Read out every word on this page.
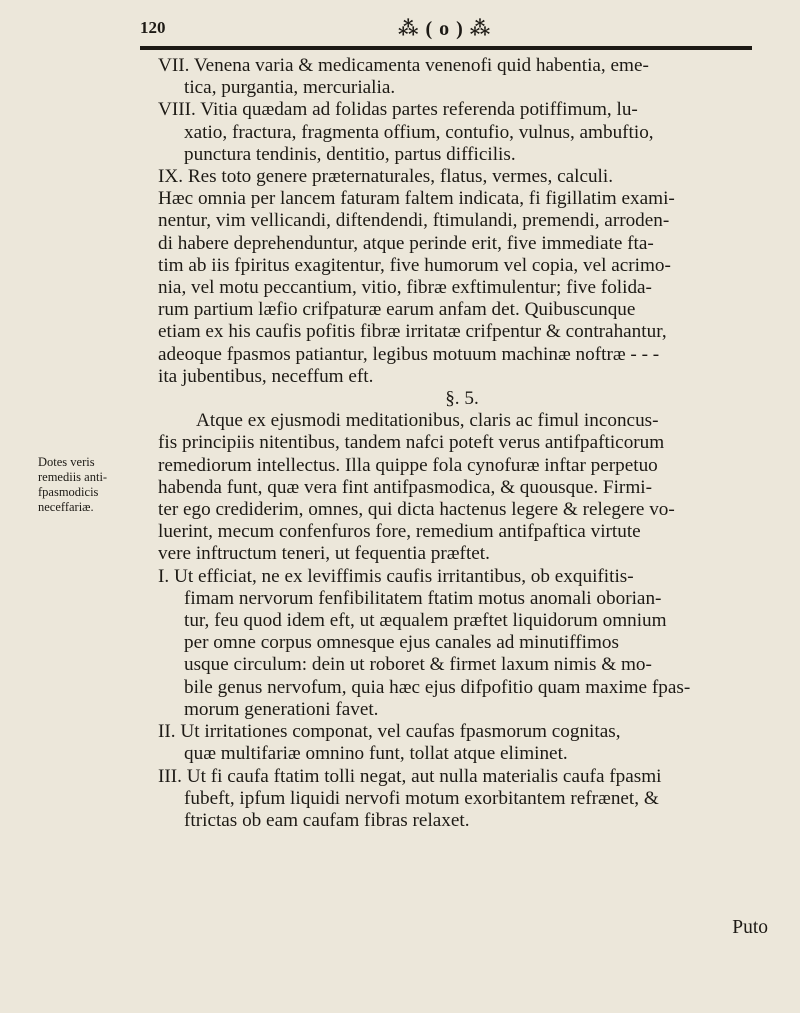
120	⁂ ( o ) ⁂
Dotes veris
remediis anti-
fpasmodicis
neceffariæ.
VII. Venena varia & medicamenta venenofi quid habentia, eme-
tica, purgantia, mercurialia.
VIII. Vitia quædam ad folidas partes referenda potiffimum, lu-
xatio, fractura, fragmenta offium, contufio, vulnus, ambuftio,
punctura tendinis, dentitio, partus difficilis.
IX. Res toto genere præternaturales, flatus, vermes, calculi.
Hæc omnia per lancem faturam faltem indicata, fi figillatim exami-
nentur, vim vellicandi, diftendendi, ftimulandi, premendi, arroden-
di habere deprehenduntur, atque perinde erit, five immediate fta-
tim ab iis fpiritus exagitentur, five humorum vel copia, vel acrimo-
nia, vel motu peccantium, vitio, fibræ exftimulentur; five folida-
rum partium læfio crifpaturæ earum anfam det. Quibuscunque
etiam ex his caufis pofitis fibræ irritatæ crifpentur & contrahantur,
adeoque fpasmos patiantur, legibus motuum machinæ noftræ - - -
ita jubentibus, neceffum eft.
§. 5.
Atque ex ejusmodi meditationibus, claris ac fimul inconcus-
fis principiis nitentibus, tandem nafci poteft verus antifpafticorum
remediorum intellectus. Illa quippe fola cynofuræ inftar perpetuo
habenda funt, quæ vera fint antifpasmodica, & quousque. Firmi-
ter ego crediderim, omnes, qui dicta hactenus legere & relegere vo-
luerint, mecum confenfuros fore, remedium antifpafticа virtute
vere inftructum teneri, ut fequentia præftet.
I. Ut efficiat, ne ex leviffimis caufis irritantibus, ob exquifitis-
fimam nervorum fenfibilitatem ftatim motus anomali oborian-
tur, feu quod idem eft, ut æqualem præftet liquidorum omnium
per omne corpus omnesque ejus canales ad minutiffimos
usque circulum: dein ut roboret & firmet laxum nimis & mo-
bile genus nervofum, quia hæc ejus difpofitio quam maxime fpas-
morum generationi favet.
II. Ut irritationes componat, vel caufas fpasmorum cognitas,
quæ multifariæ omnino funt, tollat atque eliminet.
III. Ut fi caufa ftatim tolli negat, aut nulla materialis caufa fpasmi
fubeft, ipfum liquidi nervofi motum exorbitantem refrænet, &
ftrictas ob eam caufam fibras relaxet.
Puto
